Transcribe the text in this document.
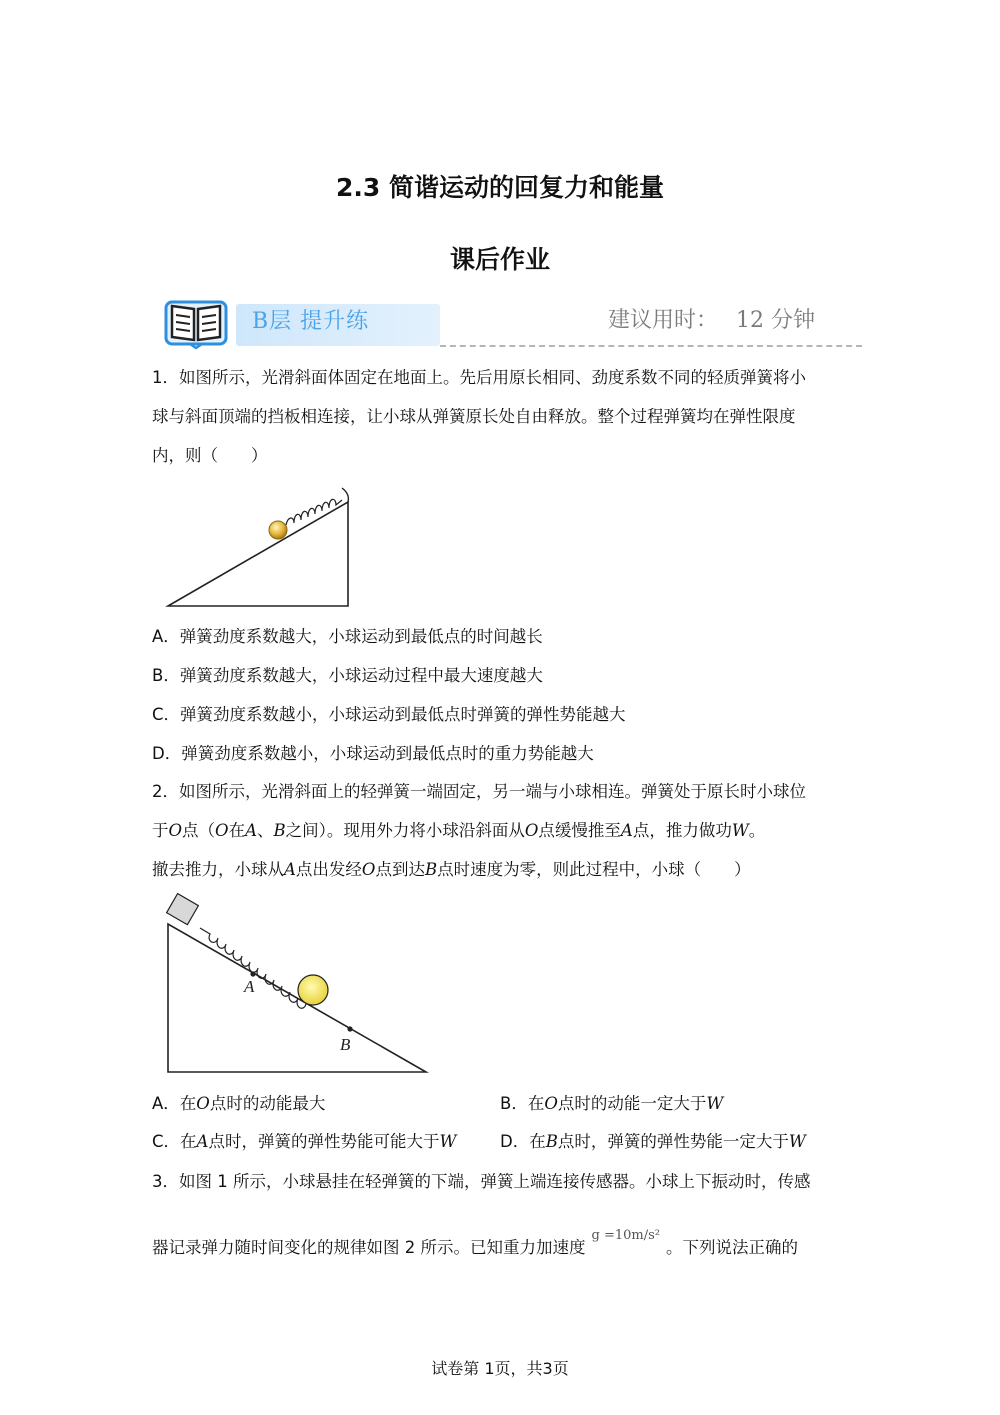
2.3 简谐运动的回复力和能量
课后作业
B层 提升练	建议用时： 12 分钟
1．如图所示，光滑斜面体固定在地面上。先后用原长相同、劲度系数不同的轻质弹簧将小
球与斜面顶端的挡板相连接，让小球从弹簧原长处自由释放。整个过程弹簧均在弹性限度
内，则（　　）
A．弹簧劲度系数越大，小球运动到最低点的时间越长
B．弹簧劲度系数越大，小球运动过程中最大速度越大
C．弹簧劲度系数越小，小球运动到最低点时弹簧的弹性势能越大
D．弹簧劲度系数越小，小球运动到最低点时的重力势能越大
2．如图所示，光滑斜面上的轻弹簧一端固定，另一端与小球相连。弹簧处于原长时小球位
于O点（O在A、B之间）。现用外力将小球沿斜面从O点缓慢推至A点，推力做功W。
撤去推力，小球从A点出发经O点到达B点时速度为零，则此过程中，小球（　　）
A
B
A．在O点时的动能最大	B．在O点时的动能一定大于W
C．在A点时，弹簧的弹性势能可能大于W	D．在B点时，弹簧的弹性势能一定大于W
3．如图 1 所示，小球悬挂在轻弹簧的下端，弹簧上端连接传感器。小球上下振动时，传感
器记录弹力随时间变化的规律如图 2 所示。已知重力加速度$^{g =10m/s^2}$。下列说法正确的
试卷第 1页，共3页
